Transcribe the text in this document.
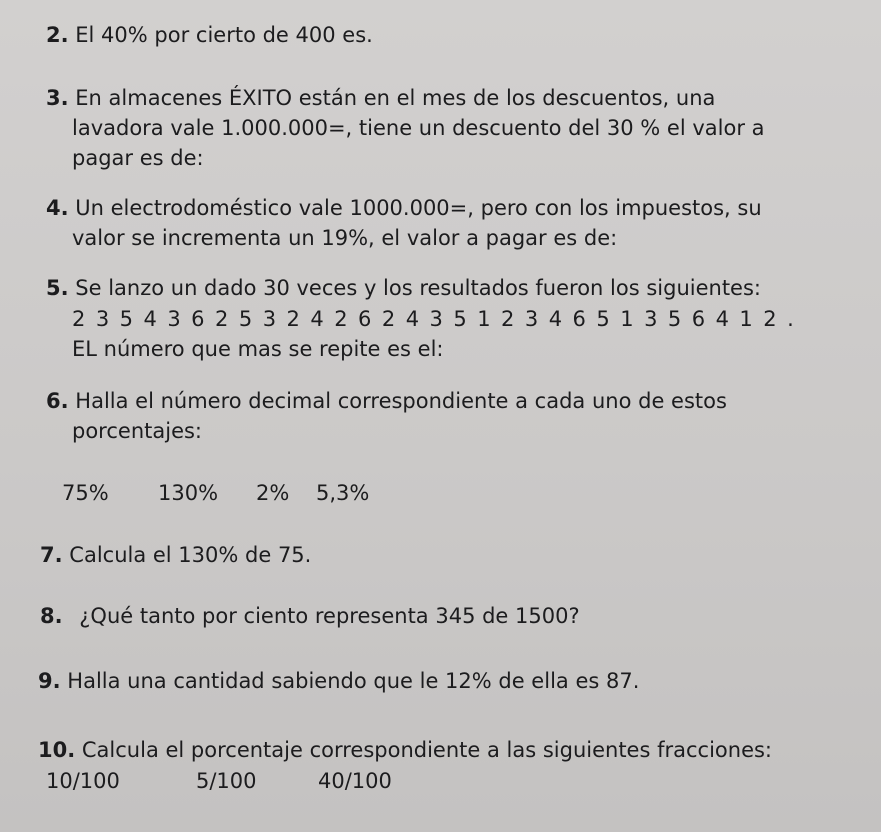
2. El 40% por cierto de 400 es.
3. En almacenes ÉXITO están en el mes de los descuentos, una
lavadora vale 1.000.000=, tiene un descuento del 30 % el valor a
pagar es de:
4. Un electrodoméstico vale 1000.000=, pero con los impuestos, su
valor se incrementa un 19%, el valor a pagar es de:
5. Se lanzo un dado 30 veces y los resultados fueron los siguientes:
2 3 5 4 3 6 2 5 3 2 4 2 6 2 4 3 5 1 2 3 4 6 5 1 3 5 6 4 1 2 .
EL número que mas se repite es el:
6. Halla el número decimal correspondiente a cada uno de estos
porcentajes:
75% 130% 2% 5,3%
7. Calcula el 130% de 75.
8. ¿Qué tanto por ciento representa 345 de 1500?
9. Halla una cantidad sabiendo que le 12% de ella es 87.
10. Calcula el porcentaje correspondiente a las siguientes fracciones:
10/100	5/100	40/100
